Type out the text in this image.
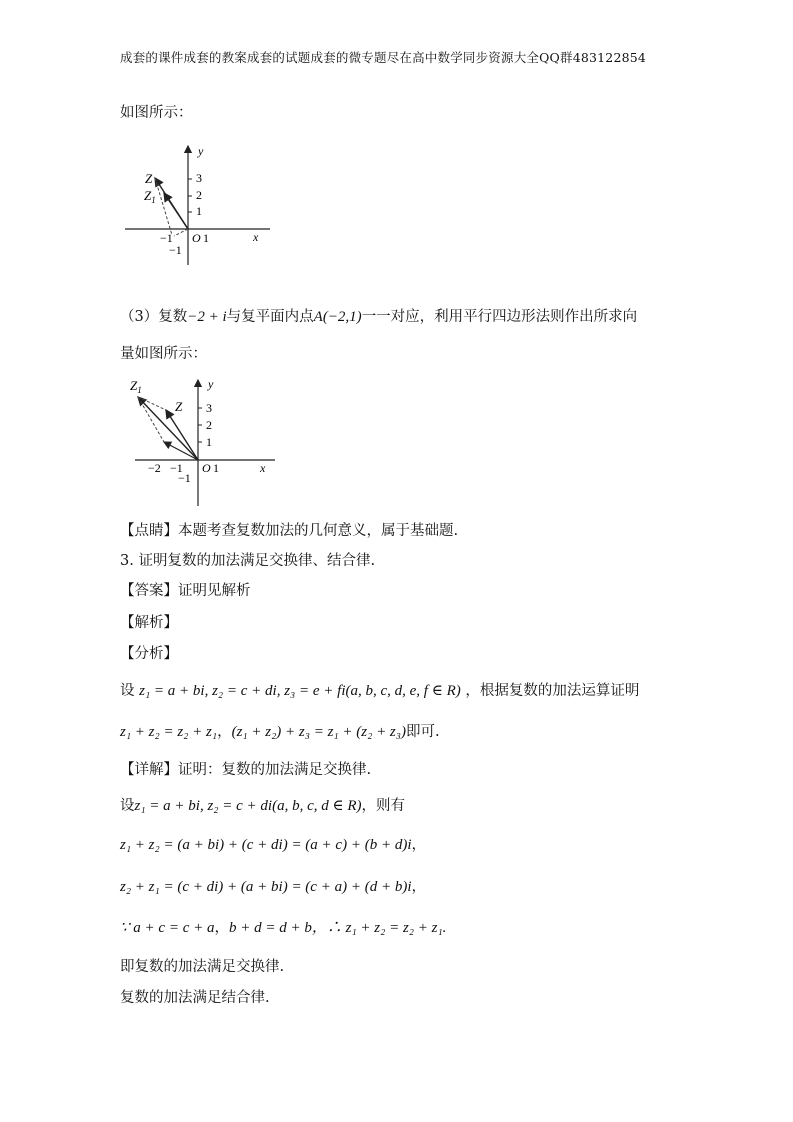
成套的课件成套的教案成套的试题成套的微专题尽在高中数学同步资源大全QQ群483122854
如图所示：
y
x
3
2
1
−1
−1 O 1
Z
$Z_1$
（3）复数−2 + i与复平面内点A(−2,1)一一对应，利用平行四边形法则作出所求向
量如图所示：
y
x
3
2
1
−1
−2 −1 O 1
$Z_1$
Z
【点睛】本题考查复数加法的几何意义，属于基础题.
3. 证明复数的加法满足交换律、结合律.
【答案】证明见解析
【解析】
【分析】
设 z₁ = a + bi, z₂ = c + di, z₃ = e + fi(a, b, c, d, e, f ∈ R) ，根据复数的加法运算证明
z₁ + z₂ = z₂ + z₁，(z₁ + z₂) + z₃ = z₁ + (z₂ + z₃)即可.
【详解】证明：复数的加法满足交换律.
设z₁ = a + bi, z₂ = c + di(a, b, c, d ∈ R)，则有
z₁ + z₂ = (a + bi) + (c + di) = (a + c) + (b + d)i，
z₂ + z₁ = (c + di) + (a + bi) = (c + a) + (d + b)i，
∵ a + c = c + a，b + d = d + b，∴ z₁ + z₂ = z₂ + z₁.
即复数的加法满足交换律.
复数的加法满足结合律.
